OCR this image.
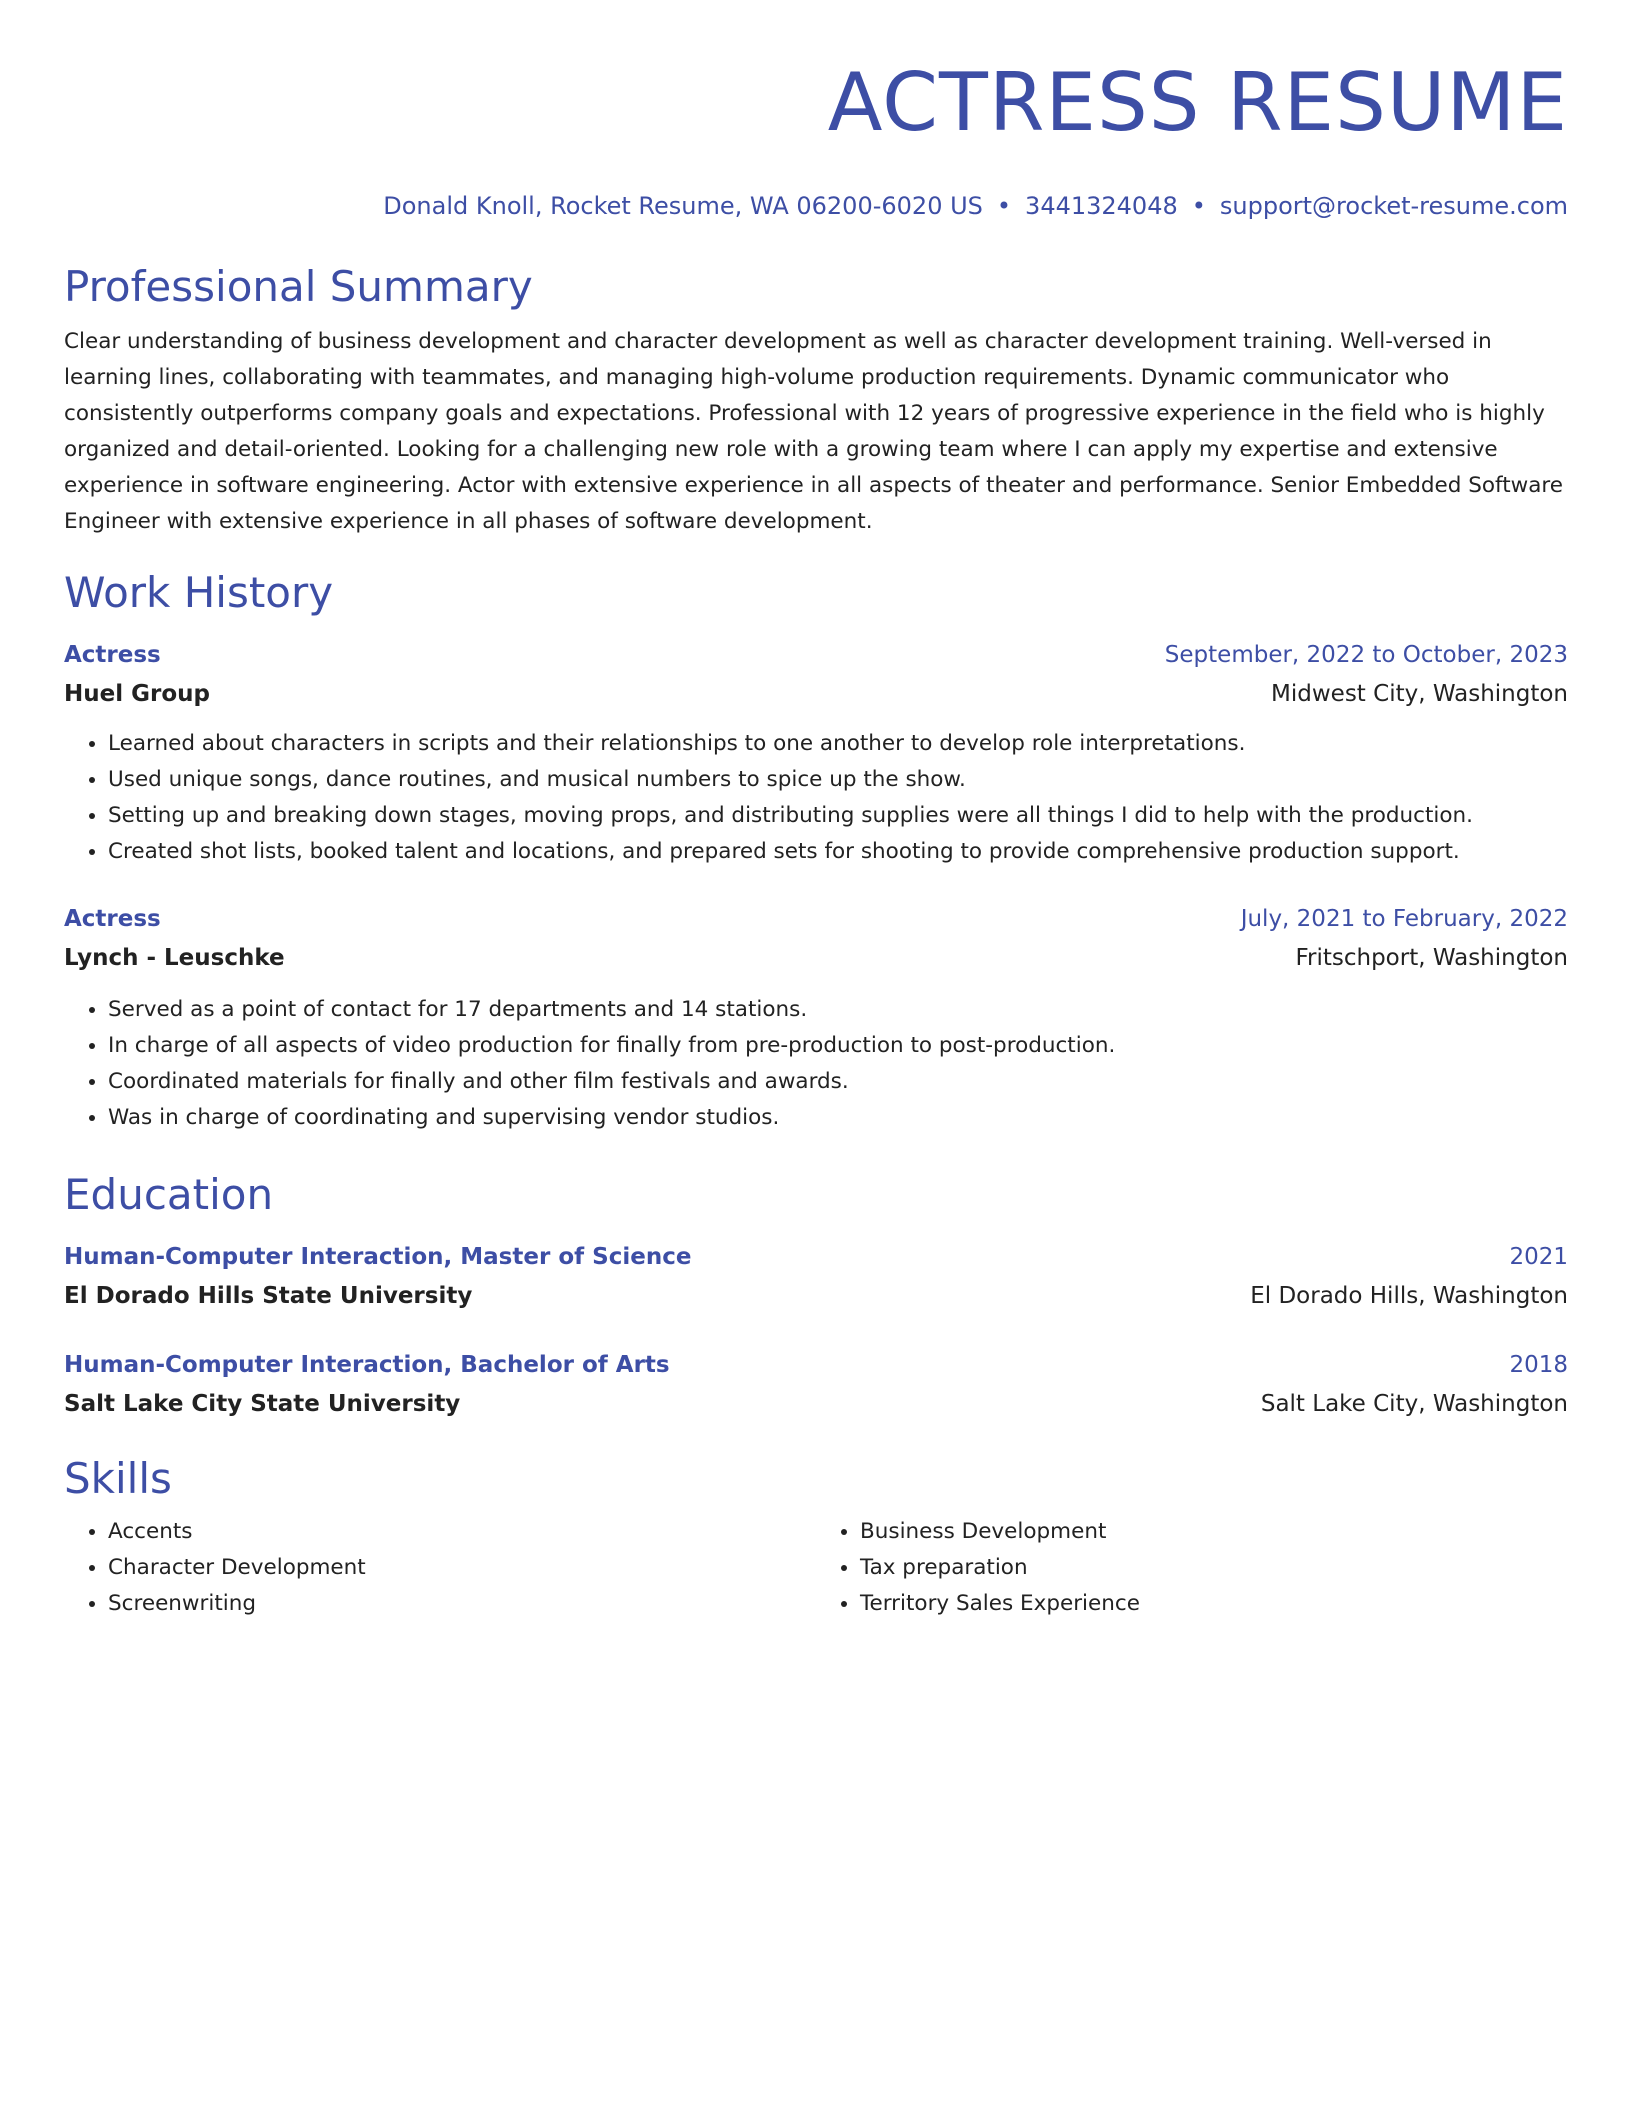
ACTRESS RESUME
Donald Knoll, Rocket Resume, WA 06200-6020 US • 3441324048 • support@rocket-resume.com
Professional Summary
Clear understanding of business development and character development as well as character development training. Well-versed in learning lines, collaborating with teammates, and managing high-volume production requirements. Dynamic communicator who consistently outperforms company goals and expectations. Professional with 12 years of progressive experience in the field who is highly organized and detail-oriented. Looking for a challenging new role with a growing team where I can apply my expertise and extensive experience in software engineering. Actor with extensive experience in all aspects of theater and performance. Senior Embedded Software Engineer with extensive experience in all phases of software development.
Work History
Actress	September, 2022 to October, 2023
Huel Group	Midwest City, Washington
• Learned about characters in scripts and their relationships to one another to develop role interpretations.
• Used unique songs, dance routines, and musical numbers to spice up the show.
• Setting up and breaking down stages, moving props, and distributing supplies were all things I did to help with the production.
• Created shot lists, booked talent and locations, and prepared sets for shooting to provide comprehensive production support.
Actress	July, 2021 to February, 2022
Lynch - Leuschke	Fritschport, Washington
• Served as a point of contact for 17 departments and 14 stations.
• In charge of all aspects of video production for finally from pre-production to post-production.
• Coordinated materials for finally and other film festivals and awards.
• Was in charge of coordinating and supervising vendor studios.
Education
Human-Computer Interaction, Master of Science	2021
El Dorado Hills State University	El Dorado Hills, Washington
Human-Computer Interaction, Bachelor of Arts	2018
Salt Lake City State University	Salt Lake City, Washington
Skills
• Accents
• Character Development
• Screenwriting
• Business Development
• Tax preparation
• Territory Sales Experience
